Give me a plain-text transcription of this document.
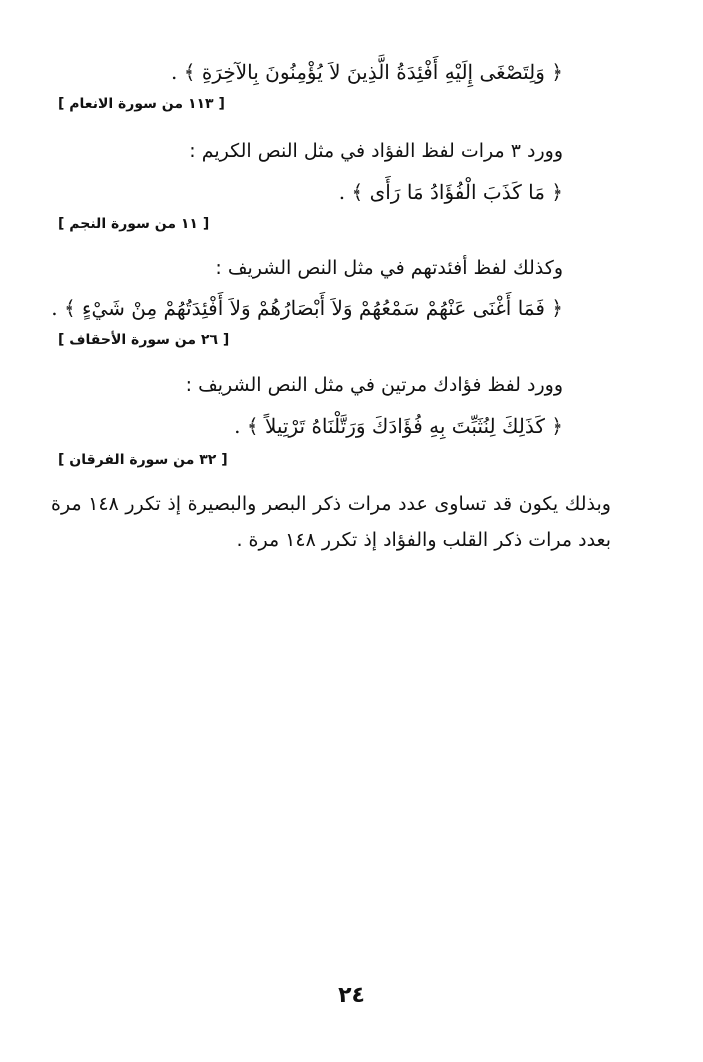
﴿ وَلِتَصْغَى إِلَيْهِ أَفْئِدَةُ الَّذِينَ لاَ يُؤْمِنُونَ بِالآخِرَةِ ﴾ .
[ ١١٣ من سورة الانعام ]
وورد ٣ مرات لفظ الفؤاد في مثل النص الكريم :
﴿ مَا كَذَبَ الْفُؤَادُ مَا رَأَى ﴾ .
[ ١١ من سورة النجم ]
وكذلك لفظ أفئدتهم في مثل النص الشريف :
﴿ فَمَا أَغْنَى عَنْهُمْ سَمْعُهُمْ وَلاَ أَبْصَارُهُمْ وَلاَ أَفْئِدَتُهُمْ مِنْ شَيْءٍ ﴾ .
[ ٢٦ من سورة الأحقاف ]
وورد لفظ فؤادك مرتين في مثل النص الشريف :
﴿ كَذَلِكَ لِنُثَبِّتَ بِهِ فُؤَادَكَ وَرَتَّلْنَاهُ تَرْتِيلاً ﴾ .
[ ٣٢ من سورة الفرقان ]
وبذلك يكون قد تساوى عدد مرات ذكر البصر والبصيرة إذ تكرر ١٤٨ مرة بعدد مرات ذكر القلب والفؤاد إذ تكرر ١٤٨ مرة .
٢٤
